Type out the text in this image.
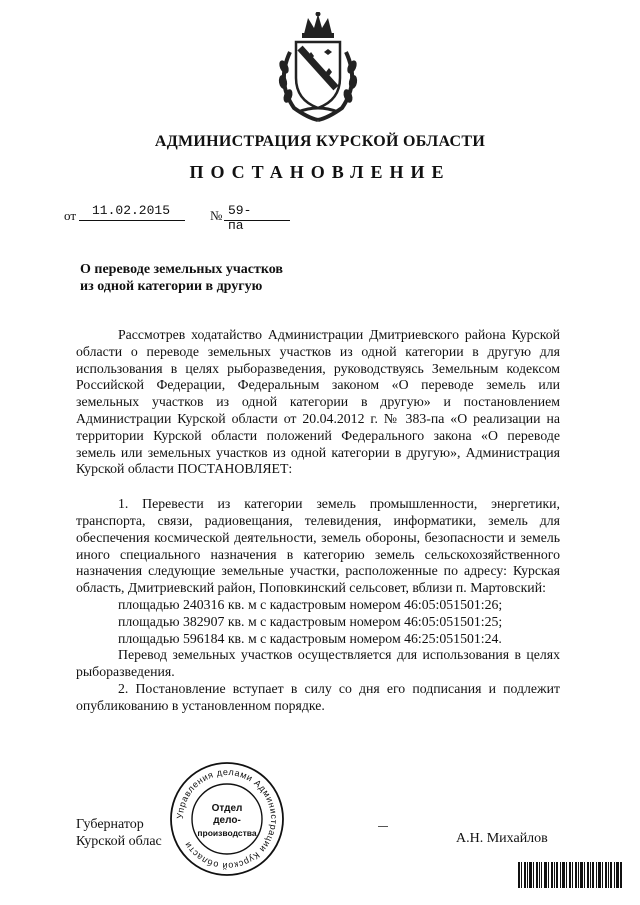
АДМИНИСТРАЦИЯ КУРСКОЙ ОБЛАСТИ
ПОСТАНОВЛЕНИЕ
от 11.02.2015	№ 59-па
О переводе земельных участков
из одной категории в другую

Рассмотрев ходатайство Администрации Дмитриевского района Курской области о переводе земельных участков из одной категории в другую для использования в целях рыборазведения, руководствуясь Земельным кодексом Российской Федерации, Федеральным законом «О переводе земель или земельных участков из одной категории в другую» и постановлением Администрации Курской области от 20.04.2012 г. № 383-па «О реализации на территории Курской области положений Федерального закона «О переводе земель или земельных участков из одной категории в другую», Администрация Курской области ПОСТАНОВЛЯЕТ:

1. Перевести из категории земель промышленности, энергетики, транспорта, связи, радиовещания, телевидения, информатики, земель для обеспечения космической деятельности, земель обороны, безопасности и земель иного специального назначения в категорию земель сельскохозяйственного назначения следующие земельные участки, расположенные по адресу: Курская область, Дмитриевский район, Поповкинский сельсовет, вблизи п. Мартовский:

площадью 240316 кв. м с кадастровым номером 46:05:051501:26;

площадью 382907 кв. м с кадастровым номером 46:05:051501:25;

площадью 596184 кв. м с кадастровым номером 46:25:051501:24.

Перевод земельных участков осуществляется для использования в целях рыборазведения.

2. Постановление вступает в силу со дня его подписания и подлежит опубликованию в установленном порядке.

Губернатор
Курской облас	А.Н. Михайлов
Управления делами Администрации Курской области
Отдел
дело-
производства
